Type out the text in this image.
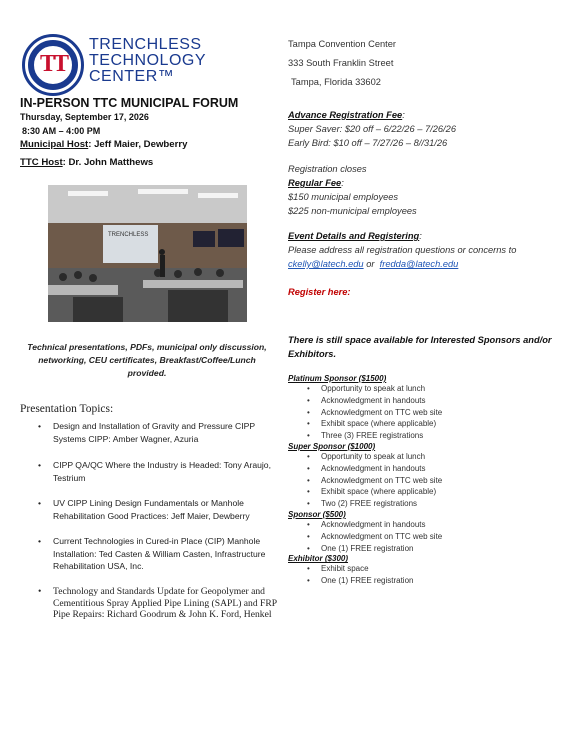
TT
TRENCHLESS
TECHNOLOGY
CENTER™
IN-PERSON TTC MUNICIPAL FORUM
Thursday, September 17, 2026
8:30 AM – 4:00 PM
Municipal Host: Jeff Maier, Dewberry
TTC Host: Dr. John Matthews
TRENCHLESS
Technical presentations, PDFs, municipal only discussion, networking, CEU certificates, Breakfast/Coffee/Lunch provided.
Presentation Topics:
•	Design and Installation of Gravity and Pressure CIPP Systems CIPP: Amber Wagner, Azuria
•	CIPP QA/QC Where the Industry is Headed: Tony Araujo, Testrium
•	UV CIPP Lining Design Fundamentals or Manhole Rehabilitation Good Practices: Jeff Maier, Dewberry
•	Current Technologies in Cured-in Place (CIP) Manhole Installation: Ted Casten & William Casten, Infrastructure Rehabilitation USA, Inc.
•	Technology and Standards Update for Geopolymer and Cementitious Spray Applied Pipe Lining (SAPL) and FRP Pipe Repairs: Richard Goodrum & John K. Ford, Henkel
Tampa Convention Center
333 South Franklin Street
Tampa, Florida 33602
Advance Registration Fee:
Super Saver: $20 off – 6/22/26 – 7/26/26
Early Bird: $10 off – 7/27/26 – 8//31/26
Registration closes
Regular Fee:
$150 municipal employees
$225 non-municipal employees
Event Details and Registering:
Please address all registration questions or concerns to
ckelly@latech.edu or fredda@latech.edu
Register here:
There is still space available for Interested Sponsors and/or Exhibitors.
Platinum Sponsor ($1500)
• Opportunity to speak at lunch
• Acknowledgment in handouts
• Acknowledgment on TTC web site
• Exhibit space (where applicable)
• Three (3) FREE registrations
Super Sponsor ($1000)
• Opportunity to speak at lunch
• Acknowledgment in handouts
• Acknowledgment on TTC web site
• Exhibit space (where applicable)
• Two (2) FREE registrations
Sponsor ($500)
• Acknowledgment in handouts
• Acknowledgment on TTC web site
• One (1) FREE registration
Exhibitor ($300)
• Exhibit space
• One (1) FREE registration
